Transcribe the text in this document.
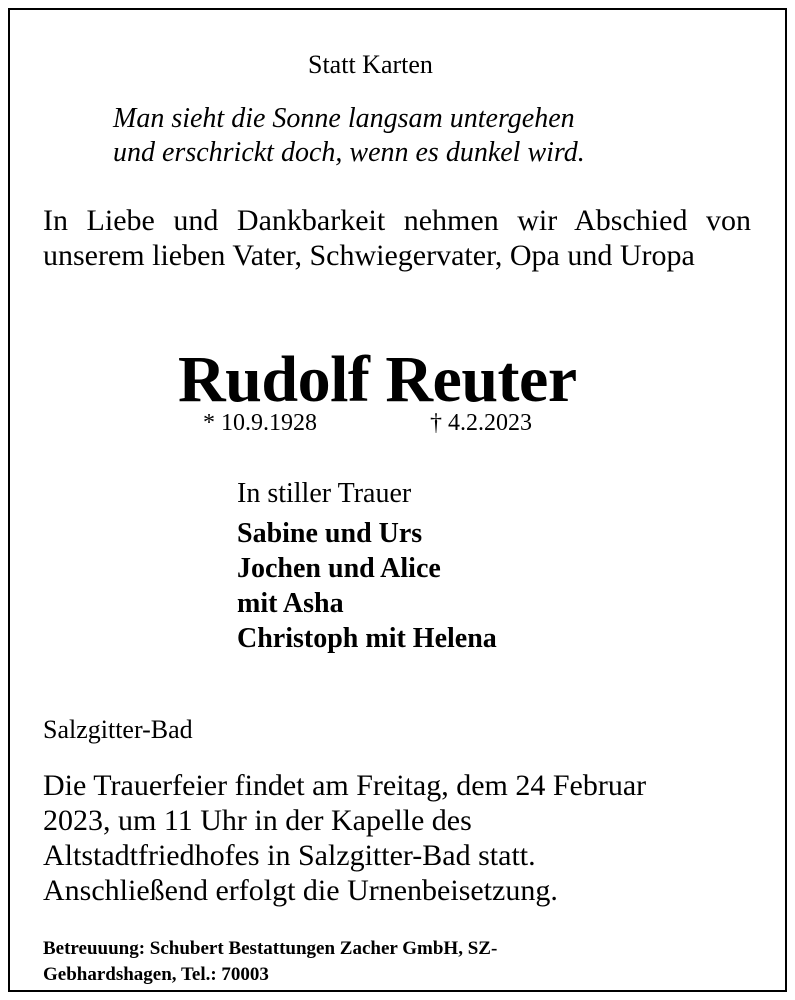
Statt Karten
Man sieht die Sonne langsam untergehen
und erschrickt doch, wenn es dunkel wird.
In Liebe und Dankbarkeit nehmen wir Abschied von unserem lieben Vater, Schwiegervater, Opa und Uropa
Rudolf Reuter
* 10.9.1928	† 4.2.2023
In stiller Trauer
Sabine und Urs
Jochen und Alice
mit Asha
Christoph mit Helena
Salzgitter-Bad
Die Trauerfeier findet am Freitag, dem 24 Februar
2023, um 11 Uhr in der Kapelle des
Altstadtfriedhofes in Salzgitter-Bad statt.
Anschließend erfolgt die Urnenbeisetzung.
Betreuuung: Schubert Bestattungen Zacher GmbH, SZ-
Gebhardshagen, Tel.: 70003
